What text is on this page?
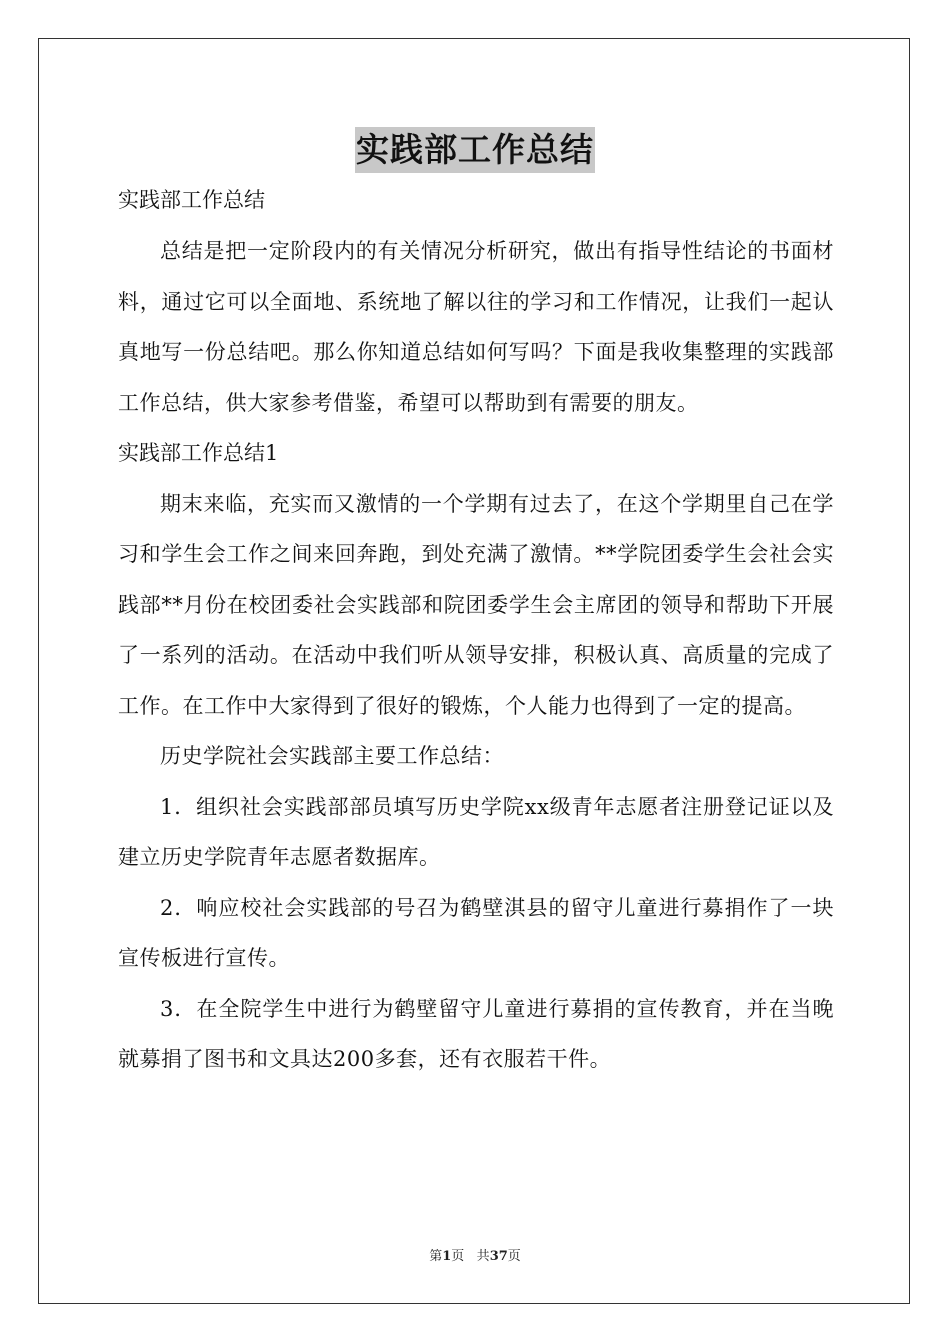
实践部工作总结
实践部工作总结

总结是把一定阶段内的有关情况分析研究，做出有指导性结论的书面材料，通过它可以全面地、系统地了解以往的学习和工作情况，让我们一起认真地写一份总结吧。那么你知道总结如何写吗？下面是我收集整理的实践部工作总结，供大家参考借鉴，希望可以帮助到有需要的朋友。

实践部工作总结1

期末来临，充实而又激情的一个学期有过去了，在这个学期里自己在学习和学生会工作之间来回奔跑，到处充满了激情。**学院团委学生会社会实践部**月份在校团委社会实践部和院团委学生会主席团的领导和帮助下开展了一系列的活动。在活动中我们听从领导安排，积极认真、高质量的完成了工作。在工作中大家得到了很好的锻炼，个人能力也得到了一定的提高。

历史学院社会实践部主要工作总结：

1．组织社会实践部部员填写历史学院xx级青年志愿者注册登记证以及建立历史学院青年志愿者数据库。

2．响应校社会实践部的号召为鹤壁淇县的留守儿童进行募捐作了一块宣传板进行宣传。

3．在全院学生中进行为鹤壁留守儿童进行募捐的宣传教育，并在当晚就募捐了图书和文具达200多套，还有衣服若干件。

第1页 共37页
